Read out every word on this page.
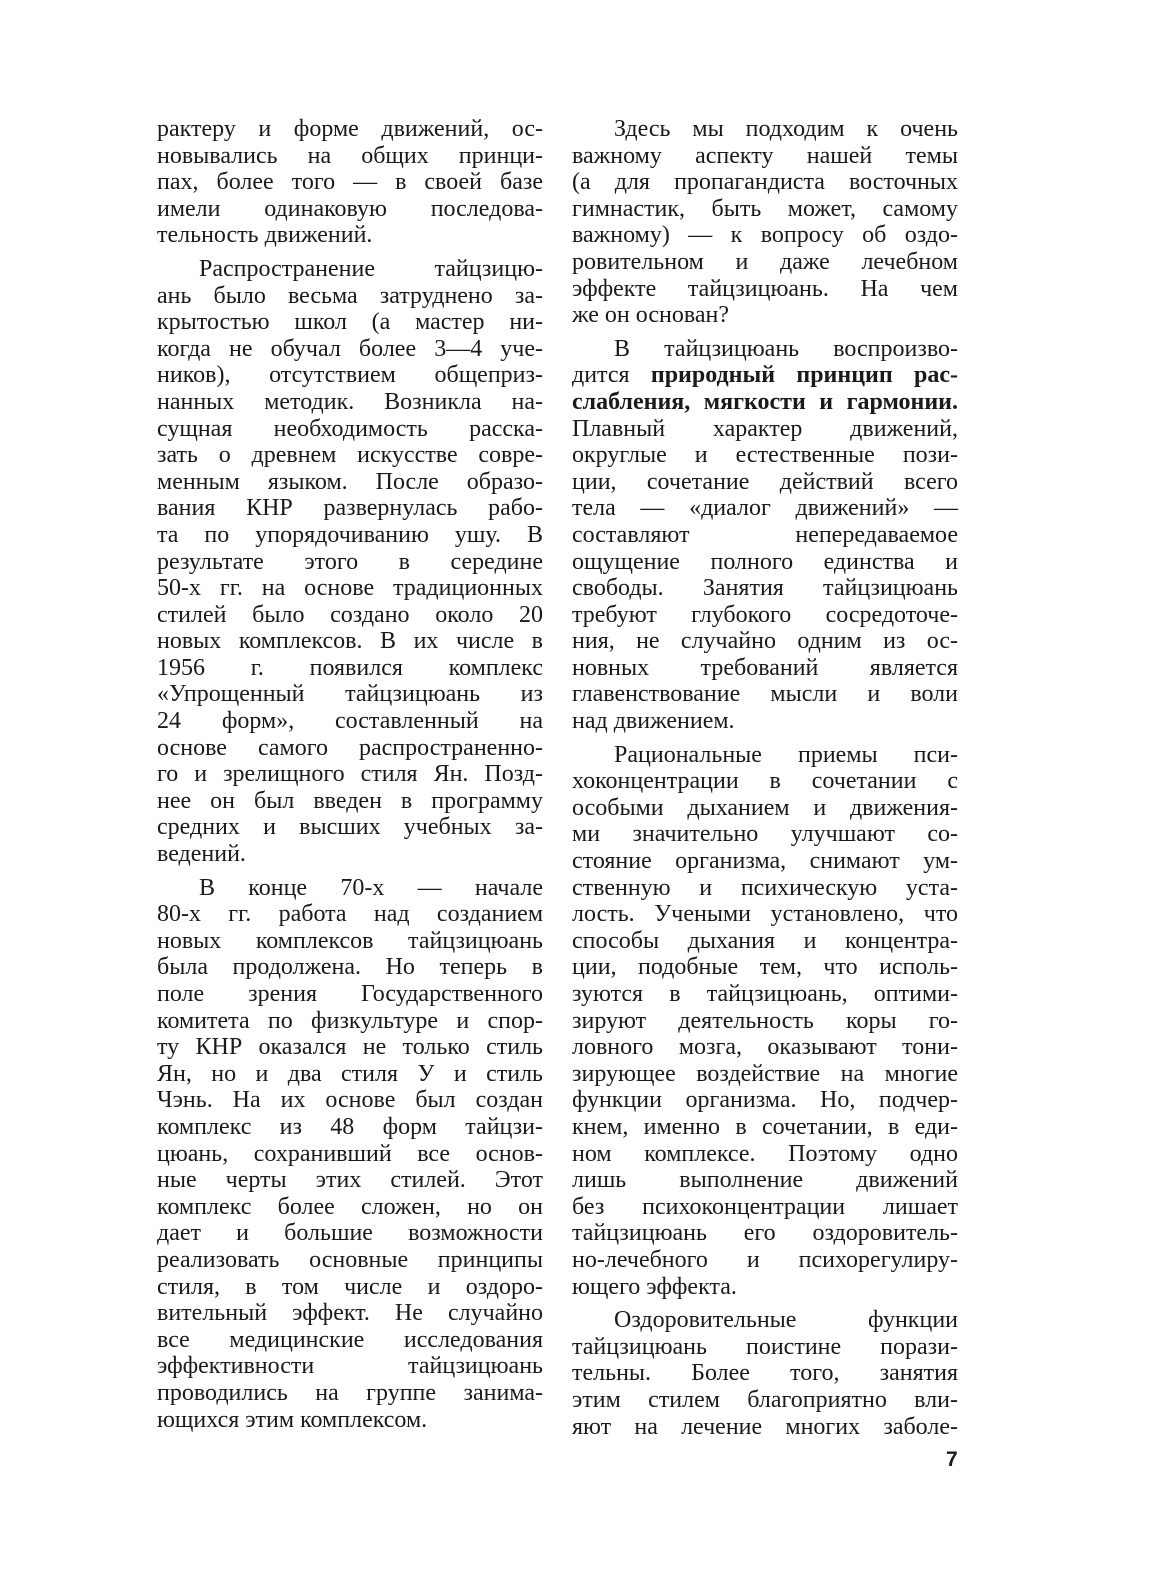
рактеру и форме движений, ос-
новывались на общих принци-
пах, более того — в своей базе
имели одинаковую последова-
тельность движений.
Распространение тайцзицю-
ань было весьма затруднено за-
крытостью школ (а мастер ни-
когда не обучал более 3—4 уче-
ников), отсутствием общеприз-
нанных методик. Возникла на-
сущная необходимость расска-
зать о древнем искусстве совре-
менным языком. После образо-
вания КНР развернулась рабо-
та по упорядочиванию ушу. В
результате этого в середине
50-х гг. на основе традиционных
стилей было создано около 20
новых комплексов. В их числе в
1956 г. появился комплекс
«Упрощенный тайцзицюань из
24 форм», составленный на
основе самого распространенно-
го и зрелищного стиля Ян. Позд-
нее он был введен в программу
средних и высших учебных за-
ведений.
В конце 70-х — начале
80-х гг. работа над созданием
новых комплексов тайцзицюань
была продолжена. Но теперь в
поле зрения Государственного
комитета по физкультуре и спор-
ту КНР оказался не только стиль
Ян, но и два стиля У и стиль
Чэнь. На их основе был создан
комплекс из 48 форм тайцзи-
цюань, сохранивший все основ-
ные черты этих стилей. Этот
комплекс более сложен, но он
дает и большие возможности
реализовать основные принципы
стиля, в том числе и оздоро-
вительный эффект. Не случайно
все медицинские исследования
эффективности тайцзицюань
проводились на группе занима-
ющихся этим комплексом.
Здесь мы подходим к очень
важному аспекту нашей темы
(а для пропагандиста восточных
гимнастик, быть может, самому
важному) — к вопросу об оздо-
ровительном и даже лечебном
эффекте тайцзицюань. На чем
же он основан?
В тайцзицюань воспроизво-
дится природный принцип рас-
слабления, мягкости и гармонии.
Плавный характер движений,
округлые и естественные пози-
ции, сочетание действий всего
тела — «диалог движений» —
составляют непередаваемое
ощущение полного единства и
свободы. Занятия тайцзицюань
требуют глубокого сосредоточе-
ния, не случайно одним из ос-
новных требований является
главенствование мысли и воли
над движением.
Рациональные приемы пси-
хоконцентрации в сочетании с
особыми дыханием и движения-
ми значительно улучшают со-
стояние организма, снимают ум-
ственную и психическую уста-
лость. Учеными установлено, что
способы дыхания и концентра-
ции, подобные тем, что исполь-
зуются в тайцзицюань, оптими-
зируют деятельность коры го-
ловного мозга, оказывают тони-
зирующее воздействие на многие
функции организма. Но, подчер-
кнем, именно в сочетании, в еди-
ном комплексе. Поэтому одно
лишь выполнение движений
без психоконцентрации лишает
тайцзицюань его оздоровитель-
но-лечебного и психорегулиру-
ющего эффекта.
Оздоровительные функции
тайцзицюань поистине порази-
тельны. Более того, занятия
этим стилем благоприятно вли-
яют на лечение многих заболе-
7
